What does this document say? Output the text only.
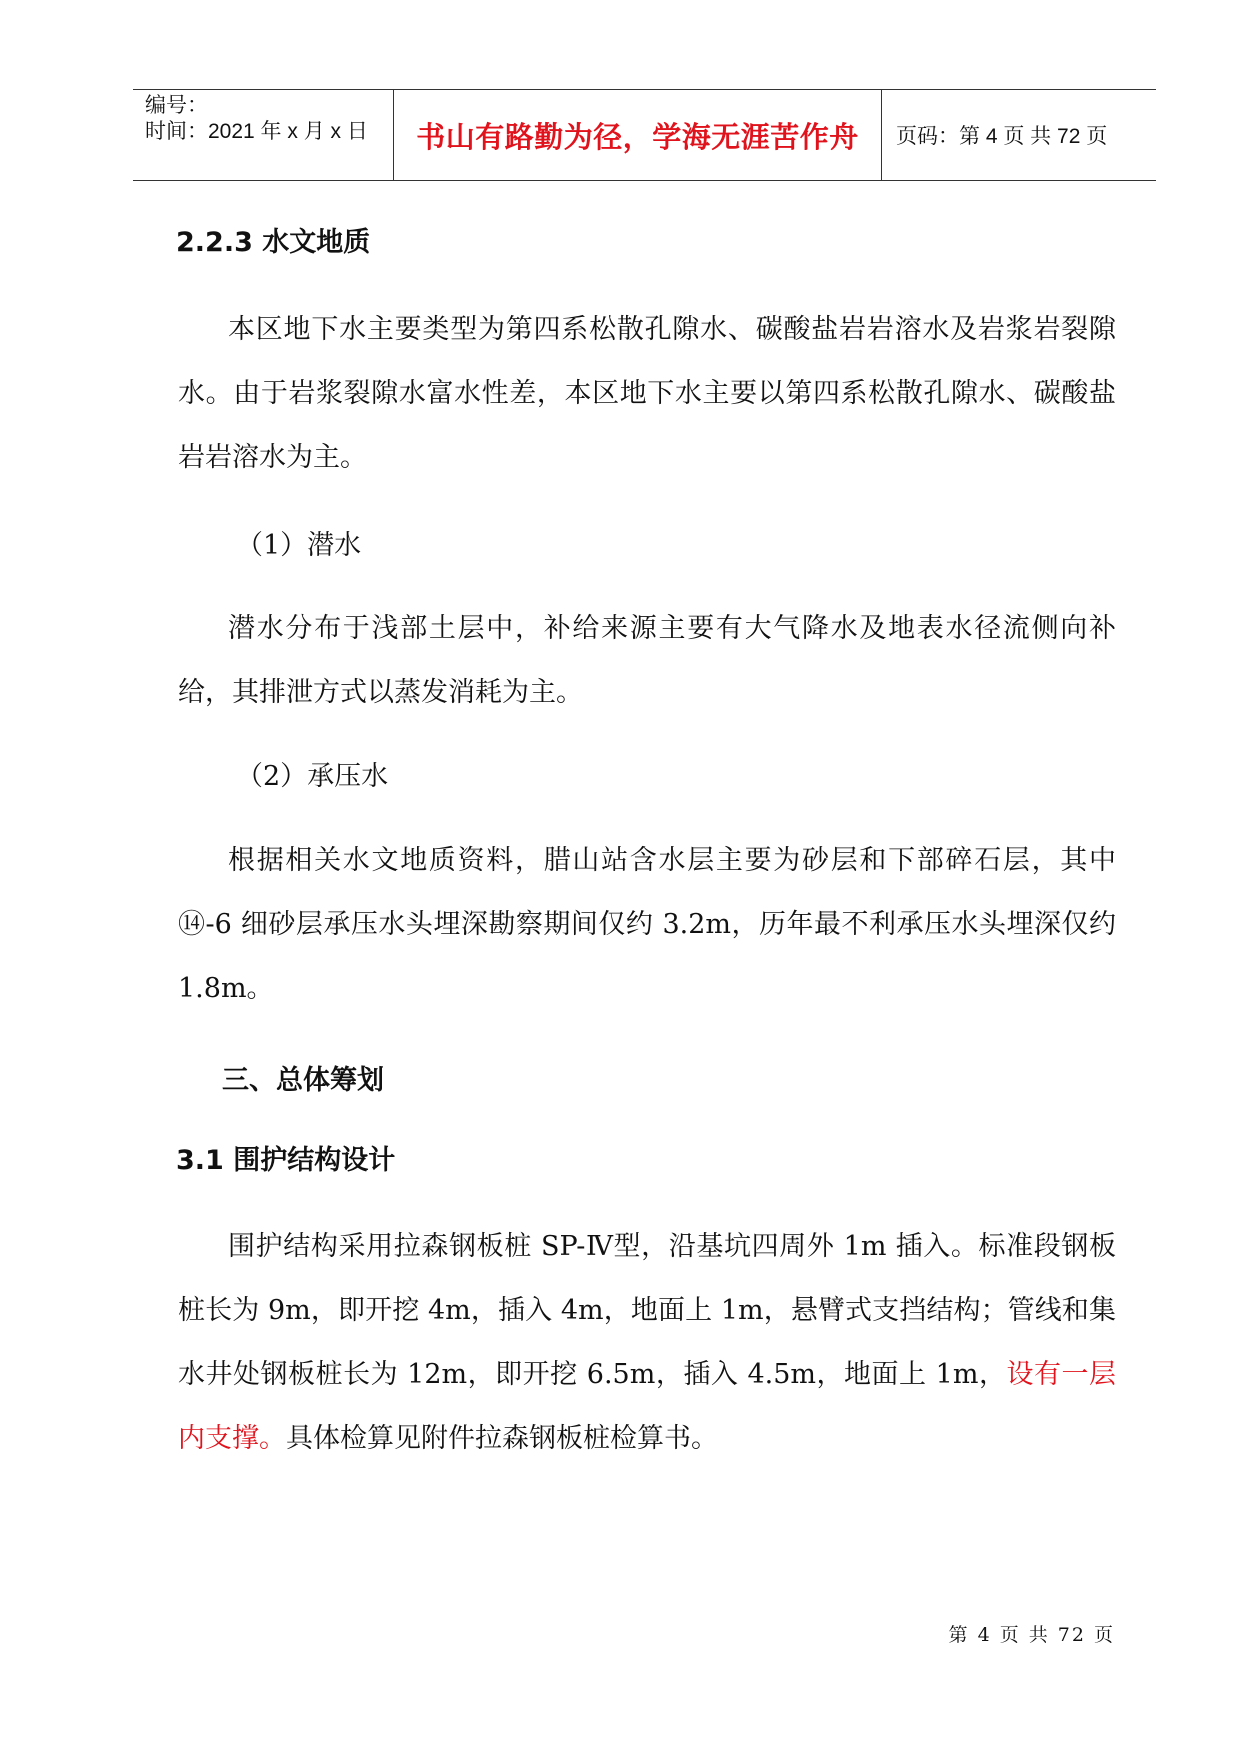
编号：
时间：2021 年 x 月 x 日	书山有路勤为径，学海无涯苦作舟 页码：第 4 页 共 72 页
2.2.3 水文地质

本区地下水主要类型为第四系松散孔隙水、碳酸盐岩岩溶水及岩浆岩裂隙水。由于岩浆裂隙水富水性差，本区地下水主要以第四系松散孔隙水、碳酸盐岩岩溶水为主。

（1）潜水

潜水分布于浅部土层中，补给来源主要有大气降水及地表水径流侧向补给，其排泄方式以蒸发消耗为主。

（2）承压水

根据相关水文地质资料，腊山站含水层主要为砂层和下部碎石层，其中⑭-6 细砂层承压水头埋深勘察期间仅约 3.2m，历年最不利承压水头埋深仅约 1.8m。

三、总体筹划
3.1 围护结构设计

围护结构采用拉森钢板桩 SP-Ⅳ型，沿基坑四周外 1m 插入。标准段钢板桩长为 9m，即开挖 4m，插入 4m，地面上 1m，悬臂式支挡结构；管线和集水井处钢板桩长为 12m，即开挖 6.5m，插入 4.5m，地面上 1m，设有一层内支撑。具体检算见附件拉森钢板桩检算书。

第 4 页 共 72 页
